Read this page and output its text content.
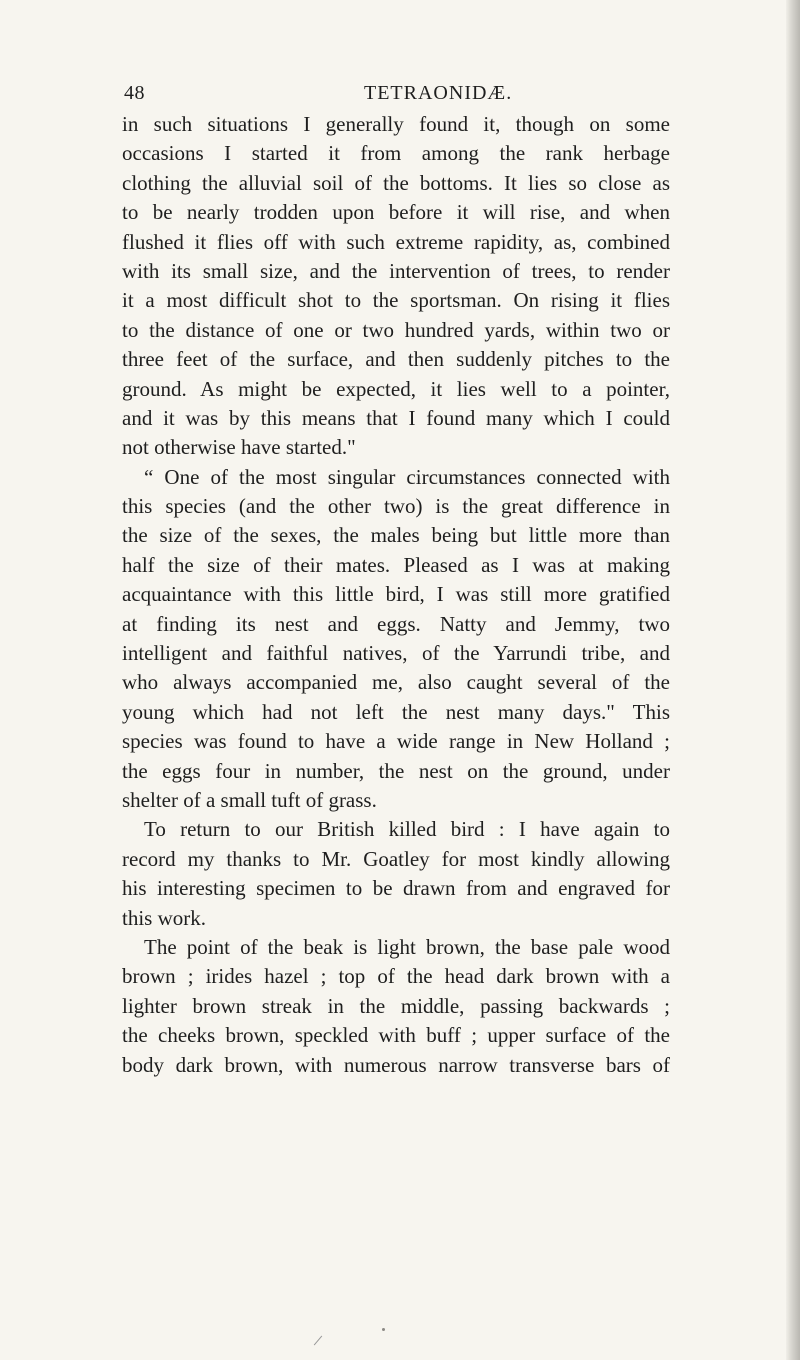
48	TETRAONIDÆ.
in such situations I generally found it, though on some
occasions I started it from among the rank herbage
clothing the alluvial soil of the bottoms. It lies so close as
to be nearly trodden upon before it will rise, and when
flushed it flies off with such extreme rapidity, as, combined
with its small size, and the intervention of trees, to render
it a most difficult shot to the sportsman. On rising it flies
to the distance of one or two hundred yards, within two or
three feet of the surface, and then suddenly pitches to the
ground. As might be expected, it lies well to a pointer,
and it was by this means that I found many which I could
not otherwise have started."
“ One of the most singular circumstances connected with
this species (and the other two) is the great difference in
the size of the sexes, the males being but little more than
half the size of their mates. Pleased as I was at making
acquaintance with this little bird, I was still more gratified
at finding its nest and eggs. Natty and Jemmy, two
intelligent and faithful natives, of the Yarrundi tribe, and
who always accompanied me, also caught several of the
young which had not left the nest many days." This
species was found to have a wide range in New Holland ;
the eggs four in number, the nest on the ground, under
shelter of a small tuft of grass.
To return to our British killed bird : I have again to
record my thanks to Mr. Goatley for most kindly allowing
his interesting specimen to be drawn from and engraved for
this work.
The point of the beak is light brown, the base pale wood
brown ; irides hazel ; top of the head dark brown with a
lighter brown streak in the middle, passing backwards ;
the cheeks brown, speckled with buff ; upper surface of the
body dark brown, with numerous narrow transverse bars of
